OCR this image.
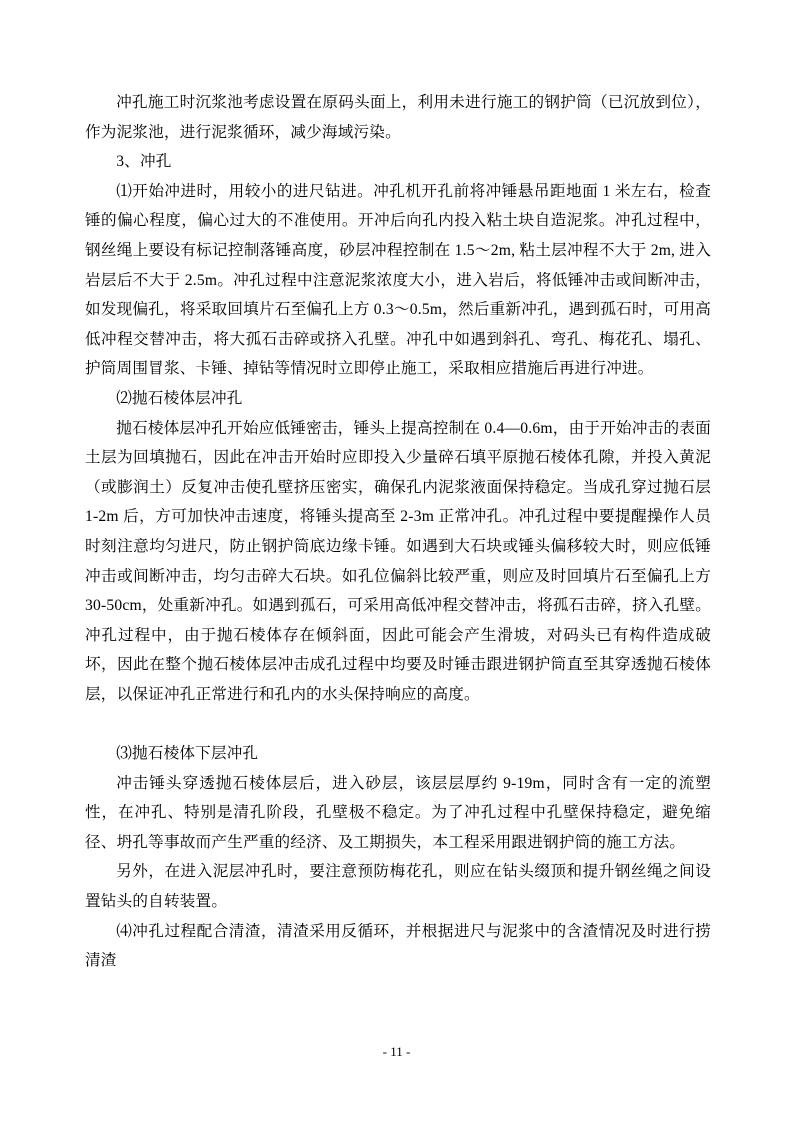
冲孔施工时沉浆池考虑设置在原码头面上，利用未进行施工的钢护筒（已沉放到位），作为泥浆池，进行泥浆循环，减少海域污染。

3、冲孔

⑴开始冲进时，用较小的进尺钻进。冲孔机开孔前将冲锤悬吊距地面 1 米左右，检查锤的偏心程度，偏心过大的不准使用。开冲后向孔内投入粘土块自造泥浆。冲孔过程中，钢丝绳上要设有标记控制落锤高度，砂层冲程控制在 1.5～2m, 粘土层冲程不大于 2m, 进入岩层后不大于 2.5m。冲孔过程中注意泥浆浓度大小，进入岩后，将低锤冲击或间断冲击，如发现偏孔，将采取回填片石至偏孔上方 0.3～0.5m，然后重新冲孔，遇到孤石时，可用高低冲程交替冲击，将大孤石击碎或挤入孔壁。冲孔中如遇到斜孔、弯孔、梅花孔、塌孔、护筒周围冒浆、卡锤、掉钻等情况时立即停止施工，采取相应措施后再进行冲进。

⑵抛石棱体层冲孔

抛石棱体层冲孔开始应低锤密击，锤头上提高控制在 0.4—0.6m，由于开始冲击的表面土层为回填抛石，因此在冲击开始时应即投入少量碎石填平原抛石棱体孔隙，并投入黄泥（或膨润土）反复冲击使孔壁挤压密实，确保孔内泥浆液面保持稳定。当成孔穿过抛石层 1-2m 后，方可加快冲击速度，将锤头提高至 2-3m 正常冲孔。冲孔过程中要提醒操作人员时刻注意均匀进尺，防止钢护筒底边缘卡锤。如遇到大石块或锤头偏移较大时，则应低锤冲击或间断冲击，均匀击碎大石块。如孔位偏斜比较严重，则应及时回填片石至偏孔上方 30-50cm，处重新冲孔。如遇到孤石，可采用高低冲程交替冲击，将孤石击碎，挤入孔壁。冲孔过程中，由于抛石棱体存在倾斜面，因此可能会产生滑坡，对码头已有构件造成破坏，因此在整个抛石棱体层冲击成孔过程中均要及时锤击跟进钢护筒直至其穿透抛石棱体层，以保证冲孔正常进行和孔内的水头保持响应的高度。

⑶抛石棱体下层冲孔

冲击锤头穿透抛石棱体层后，进入砂层，该层层厚约 9-19m，同时含有一定的流塑性，在冲孔、特别是清孔阶段，孔壁极不稳定。为了冲孔过程中孔壁保持稳定，避免缩径、坍孔等事故而产生严重的经济、及工期损失，本工程采用跟进钢护筒的施工方法。

另外，在进入泥层冲孔时，要注意预防梅花孔，则应在钻头缀顶和提升钢丝绳之间设置钻头的自转装置。

⑷冲孔过程配合清渣，清渣采用反循环，并根据进尺与泥浆中的含渣情况及时进行捞清渣

- 11 -
